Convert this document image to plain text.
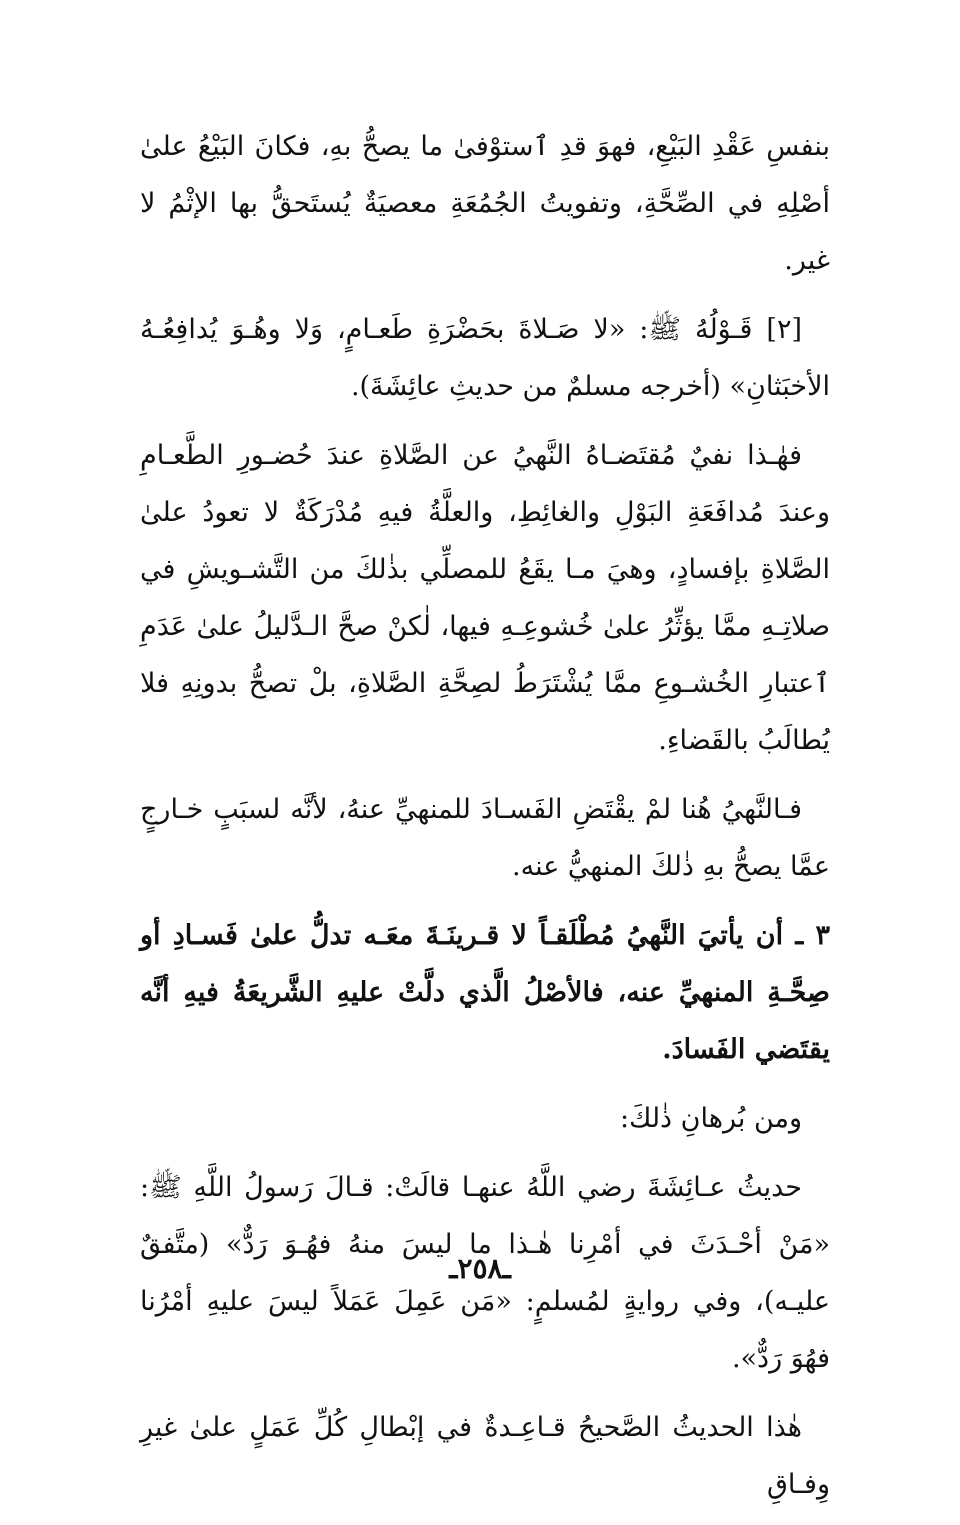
بنفسِ عَقْدِ البَيْعِ، فهوَ قدِ ٱستوْفىٰ ما يصحُّ بهِ، فكانَ البَيْعُ علىٰ أصْلِهِ في الصِّحَّةِ، وتفويتُ الجُمُعَةِ معصيَةٌ يُستَحقُّ بها الإثْمُ لا غير.

[٢] قَـوْلُهُ ﷺ: «لا صَـلاةَ بحَضْرَةِ طَعـامٍ، وَلا وهُـوَ يُدافِعُـهُ الأخبَثانِ» (أخرجه مسلمٌ من حديثِ عائِشَةَ).

فهٰـذا نفيٌ مُقتَضـاهُ النَّهيُ عن الصَّلاةِ عندَ حُضـورِ الطَّعـامِ وعندَ مُدافَعَةِ البَوْلِ والغائِطِ، والعلَّةُ فيهِ مُدْرَكَةٌ لا تعودُ علىٰ الصَّلاةِ بإفسادٍ، وهيَ مـا يقَعُ للمصلِّي بذٰلكَ من التَّشـويشِ في صلاتِـهِ ممَّا يؤثِّرُ علىٰ خُشوعِـهِ فيها، لٰكنْ صحَّ الـدَّليلُ علىٰ عَدَمِ ٱعتبارِ الخُشـوعِ ممَّا يُشْتَرَطُ لصِحَّةِ الصَّلاةِ، بلْ تصحُّ بدونِهِ فلا يُطالَبُ بالقَضاءِ.

فـالنَّهيُ هُنا لمْ يقْتَضِ الفَسـادَ للمنهيِّ عنهُ، لأنَّه لسبَبٍ خـارجٍ عمَّا يصحُّ بهِ ذٰلكَ المنهيُّ عنه.

٣ ـ أن يأتيَ النَّهيُ مُطْلَقـاً لا قـرينَـةَ معَـه تدلُّ علىٰ فَسـادِ أو صِحَّـةِ المنهيِّ عنه، فالأصْلُ الَّذي دلَّتْ عليهِ الشَّريعَةُ فيهِ أنَّه يقتَضي الفَسادَ.

ومن بُرهانِ ذٰلكَ:

حديثُ عـائِشَةَ رضي اللَّهُ عنهـا قالَتْ: قـالَ رَسولُ اللَّهِ ﷺ: «مَنْ أحْـدَثَ في أمْرِنا هٰـذا ما ليسَ منهُ فهُـوَ رَدٌّ» (متَّفقٌ عليـه)، وفي روايةٍ لمُسلمٍ: «مَن عَمِلَ عَمَلاً ليسَ عليهِ أمْرُنا فهُوَ رَدٌّ».

هٰذا الحديثُ الصَّحيحُ قـاعِـدةٌ في إبْطالِ كُلِّ عَمَلٍ علىٰ غيرِ وِفـاقِ

ـ٢٥٨ـ
